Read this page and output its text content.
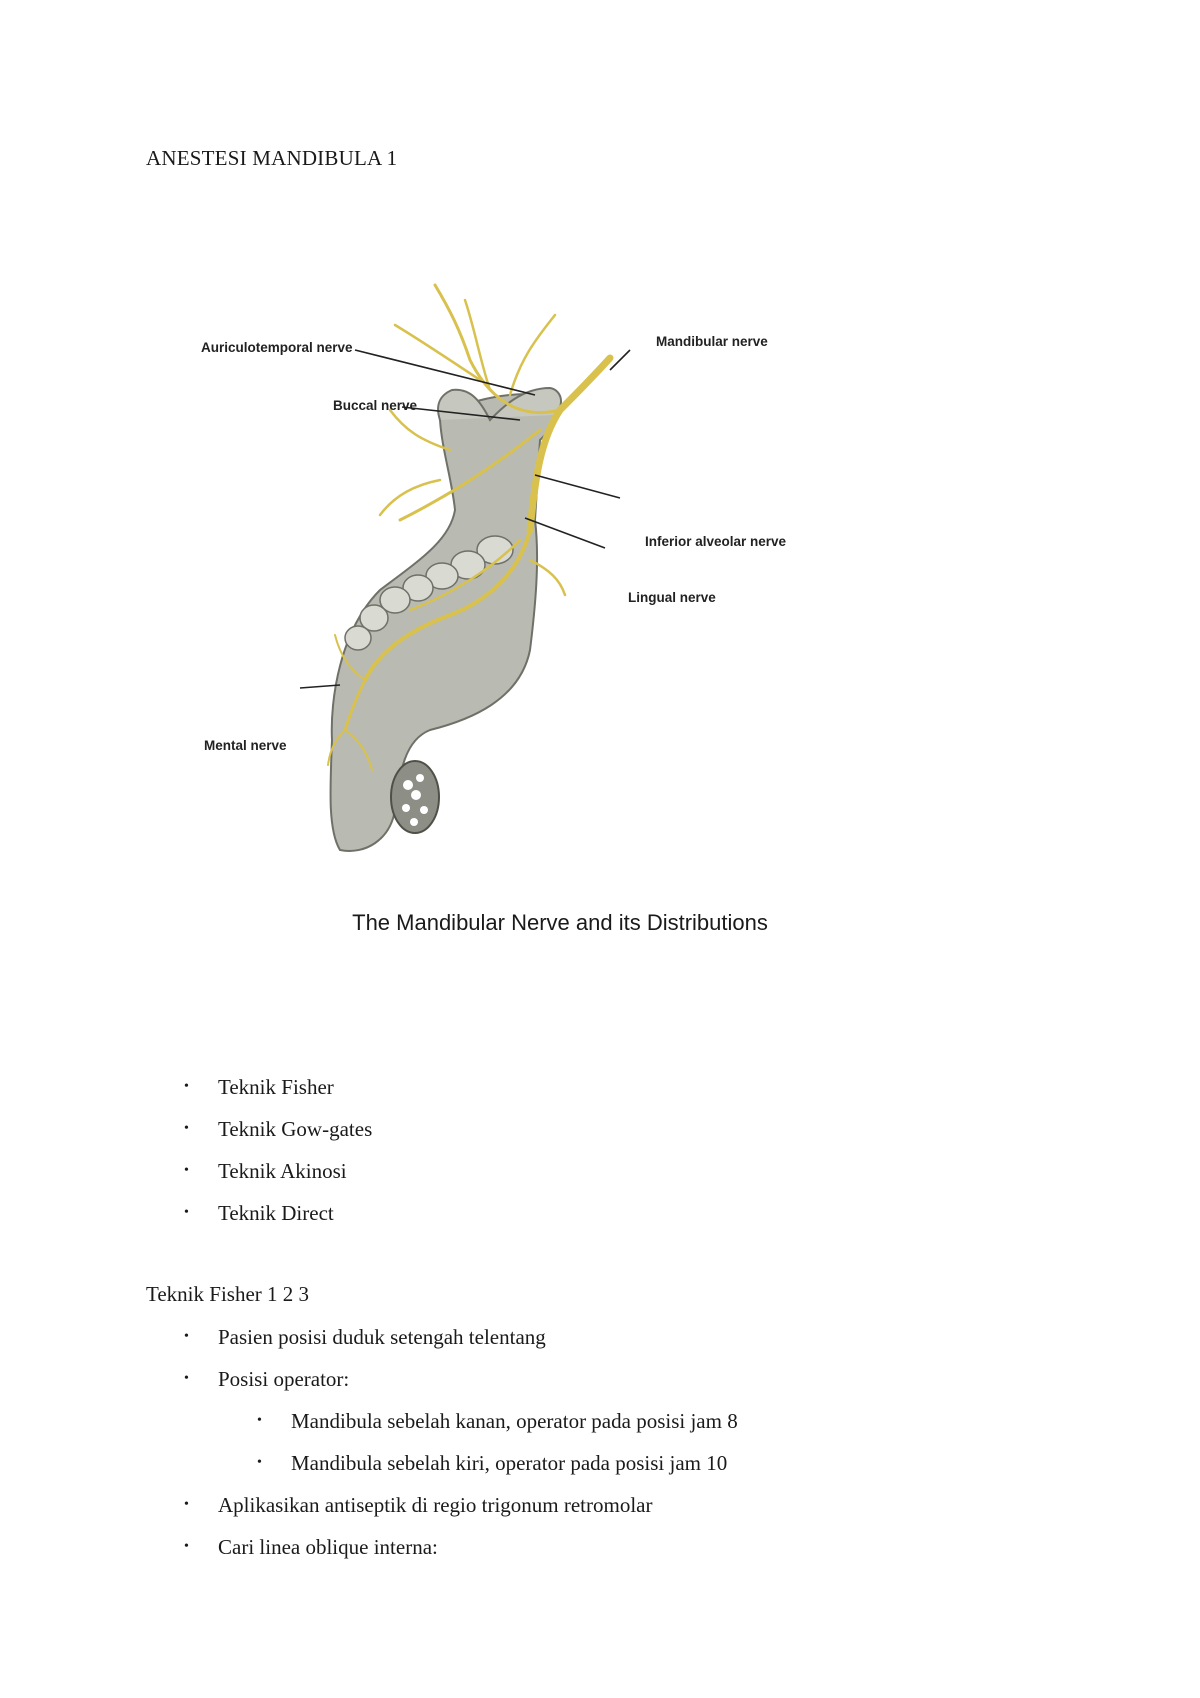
ANESTESI MANDIBULA 1
Auriculotemporal nerve
Buccal nerve
Mandibular nerve
Inferior alveolar nerve
Lingual nerve
Mental nerve
The Mandibular Nerve and its Distributions
• Teknik Fisher
• Teknik Gow-gates
• Teknik Akinosi
• Teknik Direct
Teknik Fisher 1 2 3
• Pasien posisi duduk setengah telentang
• Posisi operator:
• Mandibula sebelah kanan, operator pada posisi jam 8
• Mandibula sebelah kiri, operator pada posisi jam 10
• Aplikasikan antiseptik di regio trigonum retromolar
• Cari linea oblique interna:
